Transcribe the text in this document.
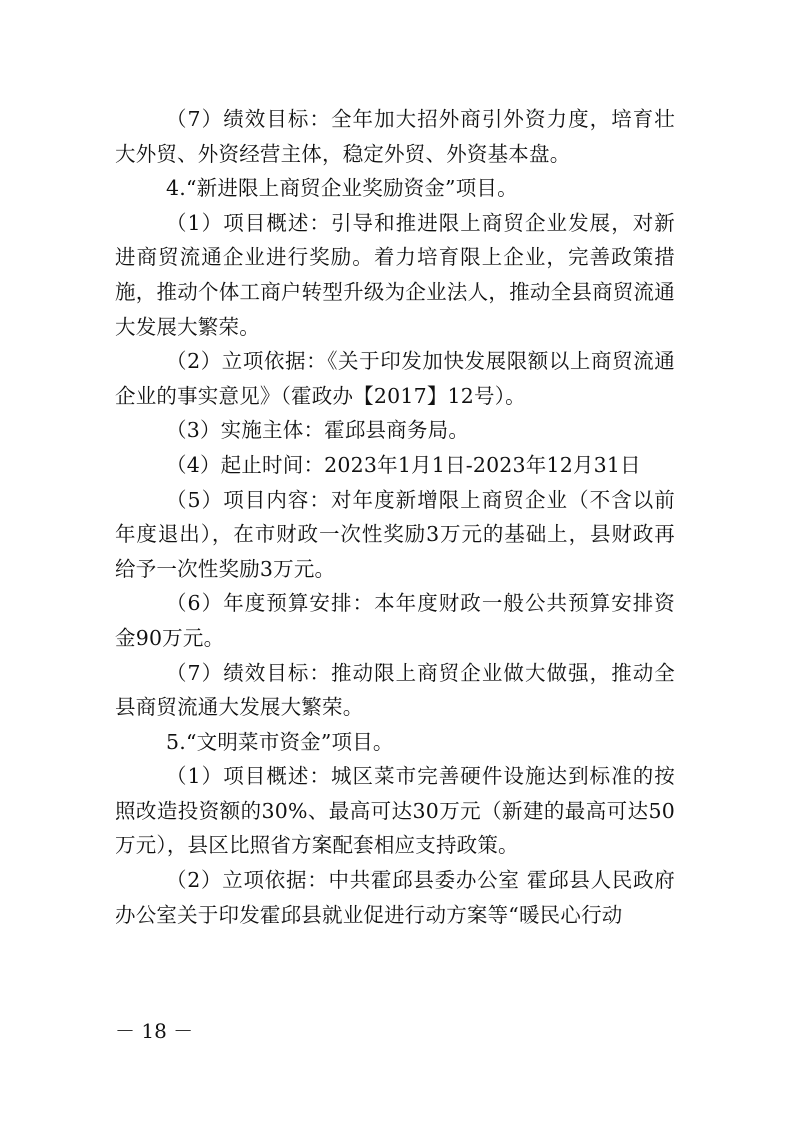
（7）绩效目标：全年加大招外商引外资力度，培育壮大外贸、外资经营主体，稳定外贸、外资基本盘。

4.“新进限上商贸企业奖励资金”项目。

（1）项目概述：引导和推进限上商贸企业发展，对新进商贸流通企业进行奖励。着力培育限上企业，完善政策措施，推动个体工商户转型升级为企业法人，推动全县商贸流通大发展大繁荣。

（2）立项依据：《关于印发加快发展限额以上商贸流通企业的事实意见》（霍政办【2017】12号）。

（3）实施主体：霍邱县商务局。

（4）起止时间：2023年1月1日-2023年12月31日

（5）项目内容：对年度新增限上商贸企业（不含以前年度退出），在市财政一次性奖励3万元的基础上，县财政再给予一次性奖励3万元。

（6）年度预算安排：本年度财政一般公共预算安排资金90万元。

（7）绩效目标：推动限上商贸企业做大做强，推动全县商贸流通大发展大繁荣。

5.“文明菜市资金”项目。

（1）项目概述：城区菜市完善硬件设施达到标准的按照改造投资额的30%、最高可达30万元（新建的最高可达50万元），县区比照省方案配套相应支持政策。

（2）立项依据：中共霍邱县委办公室 霍邱县人民政府办公室关于印发霍邱县就业促进行动方案等“暖民心行动

－ 18 －
